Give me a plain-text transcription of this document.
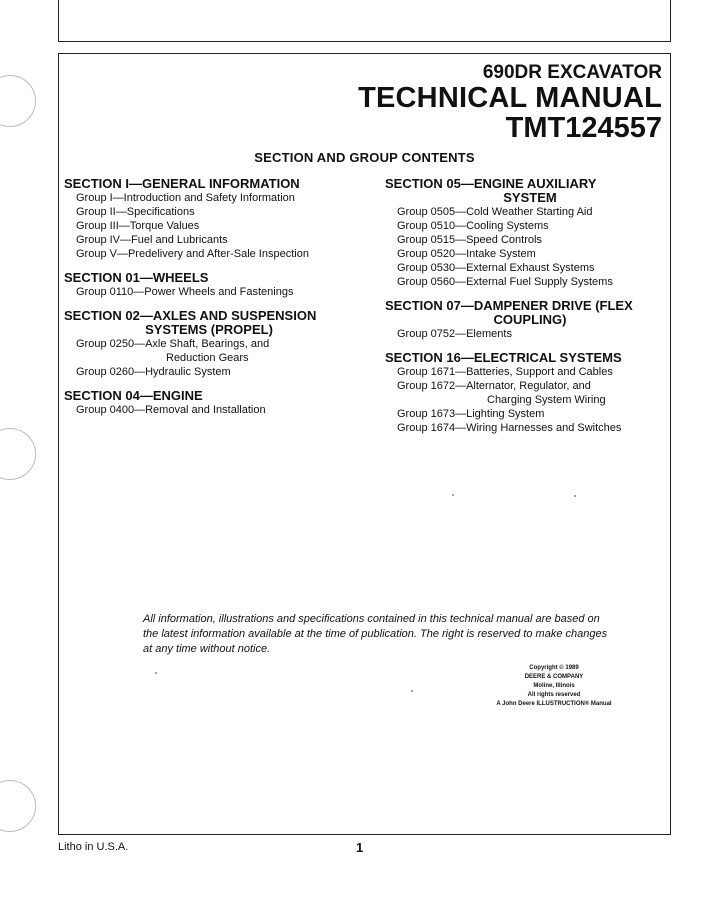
690DR EXCAVATOR
TECHNICAL MANUAL
TMT124557
SECTION AND GROUP CONTENTS
SECTION I—GENERAL INFORMATION
Group I—Introduction and Safety Information
Group II—Specifications
Group III—Torque Values
Group IV—Fuel and Lubricants
Group V—Predelivery and After-Sale Inspection
SECTION 01—WHEELS
Group 0110—Power Wheels and Fastenings
SECTION 02—AXLES AND SUSPENSION
SYSTEMS (PROPEL)
Group 0250—Axle Shaft, Bearings, and
Reduction Gears
Group 0260—Hydraulic System
SECTION 04—ENGINE
Group 0400—Removal and Installation
SECTION 05—ENGINE AUXILIARY
SYSTEM
Group 0505—Cold Weather Starting Aid
Group 0510—Cooling Systems
Group 0515—Speed Controls
Group 0520—Intake System
Group 0530—External Exhaust Systems
Group 0560—External Fuel Supply Systems
SECTION 07—DAMPENER DRIVE (FLEX
COUPLING)
Group 0752—Elements
SECTION 16—ELECTRICAL SYSTEMS
Group 1671—Batteries, Support and Cables
Group 1672—Alternator, Regulator, and
Charging System Wiring
Group 1673—Lighting System
Group 1674—Wiring Harnesses and Switches
All information, illustrations and specifications contained in this technical manual are based on the latest information available at the time of publication. The right is reserved to make changes at any time without notice.
Copyright © 1989
DEERE & COMPANY
Moline, Illinois
All rights reserved
A John Deere ILLUSTRUCTION® Manual
Litho in U.S.A.	1
